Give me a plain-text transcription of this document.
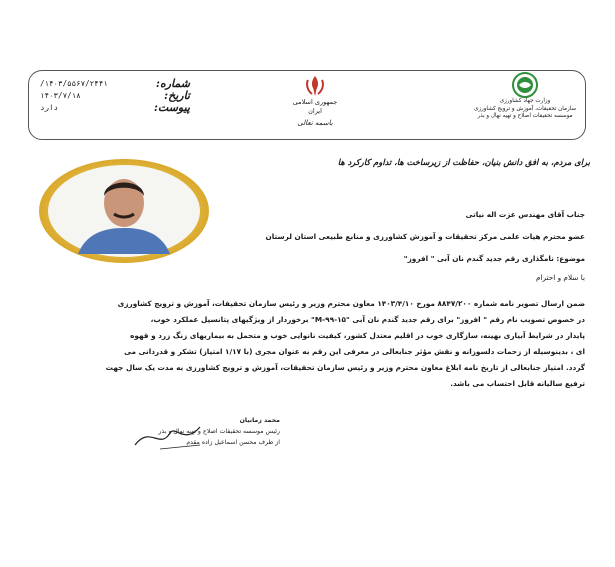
شماره:
۱۴۰۳/۵۵۶۷/۲۴۴۱/
تاریخ:
۱۴۰۳/۷/۱۸
پیوست:
دارد
جمهوری اسلامی ایران
باسمه تعالی
وزارت جهاد کشاورزی
سازمان تحقیقات، آموزش و ترویج کشاورزی
موسسه تحقیقات اصلاح و تهیه نهال و بذر
برای مردم، به افق دانش بنیان، حفاظت از زیرساخت ها، تداوم کارکرد ها
جناب آقای مهندس عزت اله نیاتی
عضو محترم هیات علمی مرکز تحقیقات و آموزش کشاورزی و منابع طبیعی استان لرستان
موضوع: نامگذاری رقم جدید گندم نان آبی " افروز"
با سلام و احترام
ضمن ارسال تصویر نامه شماره ۸۸۴۷/۲۰۰ مورخ ۱۴۰۳/۴/۱۰ معاون محترم وزیر و رئیس سازمان تحقیقات، آموزش و ترویج کشاورزی
در خصوص تصویب نام رقم " افروز" برای رقم جدید گندم نان آبی "۱۵-۹۹-M" برخوردار از ویژگیهای پتانسیل عملکرد خوب،
پایدار در شرایط آبیاری بهینه، سازگاری خوب در اقلیم معتدل کشور، کیفیت نانوایی خوب و متحمل به بیماریهای زنگ زرد و قهوه
ای ، بدینوسیله از زحمات دلسوزانه و نقش مؤثر جنابعالی در معرفی این رقم به عنوان مجری (با ۱/۱۷ امتیاز) تشکر و قدردانی می
گردد. امتیاز جنابعالی از تاریخ نامه ابلاغ معاون محترم وزیر و رئیس سازمان تحقیقات، آموزش و ترویج کشاورزی به مدت یک سال جهت
ترفیع سالیانه قابل احتساب می باشد.
محمد زمانیان
رئیس موسسه تحقیقات اصلاح و تهیه نهال و بذر
از طرف محسن اسماعیل زاده مقدم
